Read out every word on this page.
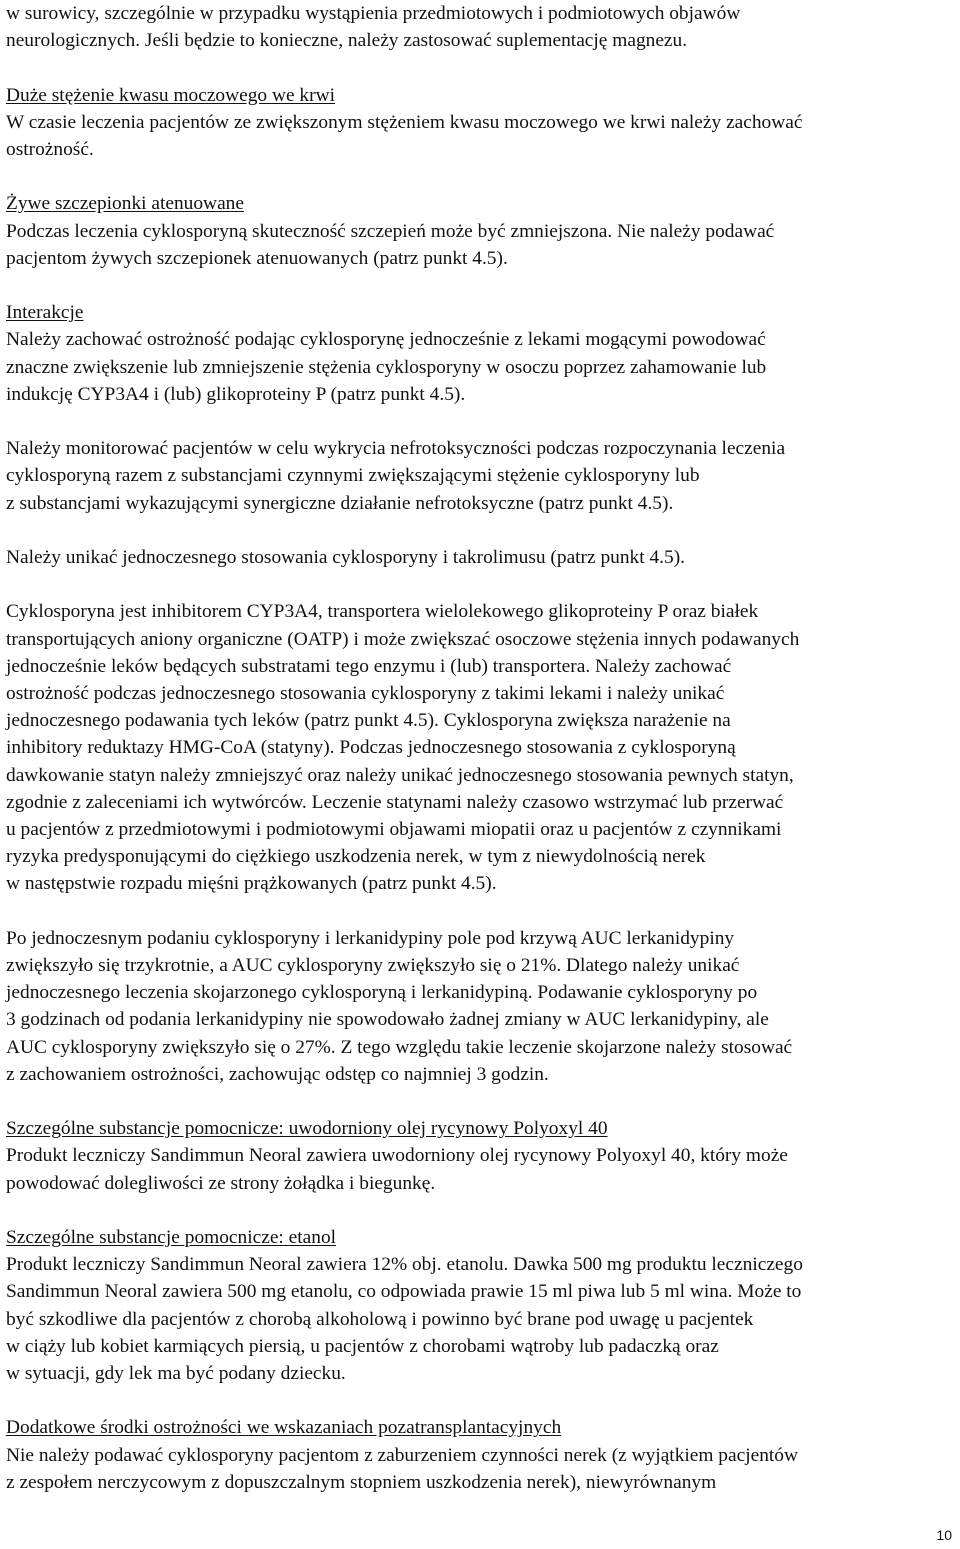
w surowicy, szczególnie w przypadku wystąpienia przedmiotowych i podmiotowych objawów
neurologicznych. Jeśli będzie to konieczne, należy zastosować suplementację magnezu.

Duże stężenie kwasu moczowego we krwi

W czasie leczenia pacjentów ze zwiększonym stężeniem kwasu moczowego we krwi należy zachować
ostrożność.

Żywe szczepionki atenuowane

Podczas leczenia cyklosporyną skuteczność szczepień może być zmniejszona. Nie należy podawać
pacjentom żywych szczepionek atenuowanych (patrz punkt 4.5).

Interakcje

Należy zachować ostrożność podając cyklosporynę jednocześnie z lekami mogącymi powodować
znaczne zwiększenie lub zmniejszenie stężenia cyklosporyny w osoczu poprzez zahamowanie lub
indukcję CYP3A4 i (lub) glikoproteiny P (patrz punkt 4.5).

Należy monitorować pacjentów w celu wykrycia nefrotoksyczności podczas rozpoczynania leczenia
cyklosporyną razem z substancjami czynnymi zwiększającymi stężenie cyklosporyny lub
z substancjami wykazującymi synergiczne działanie nefrotoksyczne (patrz punkt 4.5).

Należy unikać jednoczesnego stosowania cyklosporyny i takrolimusu (patrz punkt 4.5).

Cyklosporyna jest inhibitorem CYP3A4, transportera wielolekowego glikoproteiny P oraz białek
transportujących aniony organiczne (OATP) i może zwiększać osoczowe stężenia innych podawanych
jednocześnie leków będących substratami tego enzymu i (lub) transportera. Należy zachować
ostrożność podczas jednoczesnego stosowania cyklosporyny z takimi lekami i należy unikać
jednoczesnego podawania tych leków (patrz punkt 4.5). Cyklosporyna zwiększa narażenie na
inhibitory reduktazy HMG-CoA (statyny). Podczas jednoczesnego stosowania z cyklosporyną
dawkowanie statyn należy zmniejszyć oraz należy unikać jednoczesnego stosowania pewnych statyn,
zgodnie z zaleceniami ich wytwórców. Leczenie statynami należy czasowo wstrzymać lub przerwać
u pacjentów z przedmiotowymi i podmiotowymi objawami miopatii oraz u pacjentów z czynnikami
ryzyka predysponującymi do ciężkiego uszkodzenia nerek, w tym z niewydolnością nerek
w następstwie rozpadu mięśni prążkowanych (patrz punkt 4.5).

Po jednoczesnym podaniu cyklosporyny i lerkanidypiny pole pod krzywą AUC lerkanidypiny
zwiększyło się trzykrotnie, a AUC cyklosporyny zwiększyło się o 21%. Dlatego należy unikać
jednoczesnego leczenia skojarzonego cyklosporyną i lerkanidypiną. Podawanie cyklosporyny po
3 godzinach od podania lerkanidypiny nie spowodowało żadnej zmiany w AUC lerkanidypiny, ale
AUC cyklosporyny zwiększyło się o 27%. Z tego względu takie leczenie skojarzone należy stosować
z zachowaniem ostrożności, zachowując odstęp co najmniej 3 godzin.

Szczególne substancje pomocnicze: uwodorniony olej rycynowy Polyoxyl 40

Produkt leczniczy Sandimmun Neoral zawiera uwodorniony olej rycynowy Polyoxyl 40, który może
powodować dolegliwości ze strony żołądka i biegunkę.

Szczególne substancje pomocnicze: etanol

Produkt leczniczy Sandimmun Neoral zawiera 12% obj. etanolu. Dawka 500 mg produktu leczniczego
Sandimmun Neoral zawiera 500 mg etanolu, co odpowiada prawie 15 ml piwa lub 5 ml wina. Może to
być szkodliwe dla pacjentów z chorobą alkoholową i powinno być brane pod uwagę u pacjentek
w ciąży lub kobiet karmiących piersią, u pacjentów z chorobami wątroby lub padaczką oraz
w sytuacji, gdy lek ma być podany dziecku.

Dodatkowe środki ostrożności we wskazaniach pozatransplantacyjnych

Nie należy podawać cyklosporyny pacjentom z zaburzeniem czynności nerek (z wyjątkiem pacjentów
z zespołem nerczycowym z dopuszczalnym stopniem uszkodzenia nerek), niewyrównanym

10
